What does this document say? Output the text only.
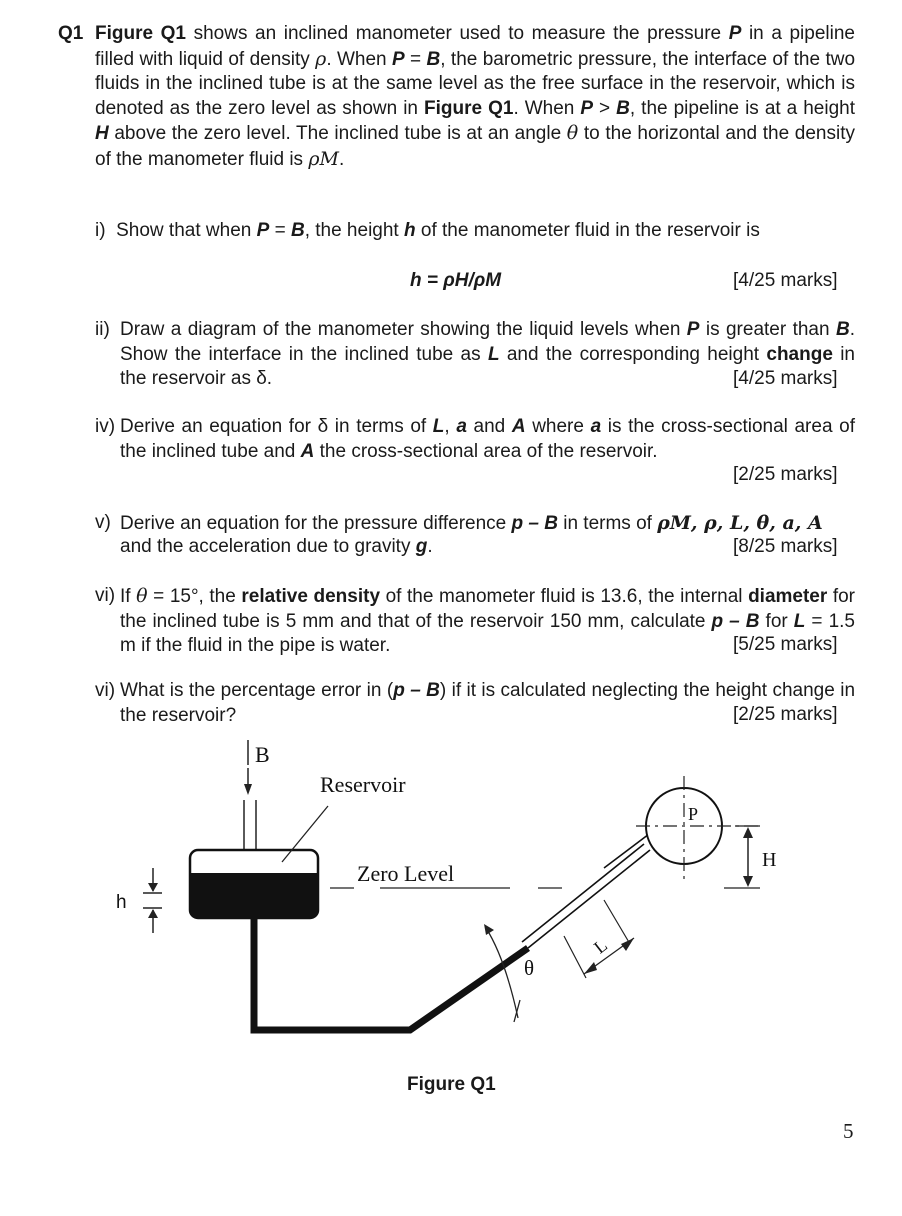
Q1 Figure Q1 shows an inclined manometer used to measure the pressure P in a pipeline filled with liquid of density ρ. When P = B, the barometric pressure, the interface of the two fluids in the inclined tube is at the same level as the free surface in the reservoir, which is denoted as the zero level as shown in Figure Q1. When P > B, the pipeline is at a height H above the zero level. The inclined tube is at an angle θ to the horizontal and the density of the manometer fluid is ρM.
i) Show that when P = B, the height h of the manometer fluid in the reservoir is
h = ρH/ρM	[4/25 marks]
ii) Draw a diagram of the manometer showing the liquid levels when P is greater than B. Show the interface in the inclined tube as L and the corresponding height change in the reservoir as δ.	[4/25 marks]
iv) Derive an equation for δ in terms of L, a and A where a is the cross-sectional area of the inclined tube and A the cross-sectional area of the reservoir.
[2/25 marks]
v) Derive an equation for the pressure difference p – B in terms of ρM, ρ, L, θ, a, A
and the acceleration due to gravity g.	[8/25 marks]
vi) If θ = 15°, the relative density of the manometer fluid is 13.6, the internal diameter for the inclined tube is 5 mm and that of the reservoir 150 mm, calculate p – B for L = 1.5 m if the fluid in the pipe is water.	[5/25 marks]
vi) What is the percentage error in (p – B) if it is calculated neglecting the height change in the reservoir?	[2/25 marks]
B
Reservoir
Zero Level
h
P
H
θ
L
Figure Q1
5
